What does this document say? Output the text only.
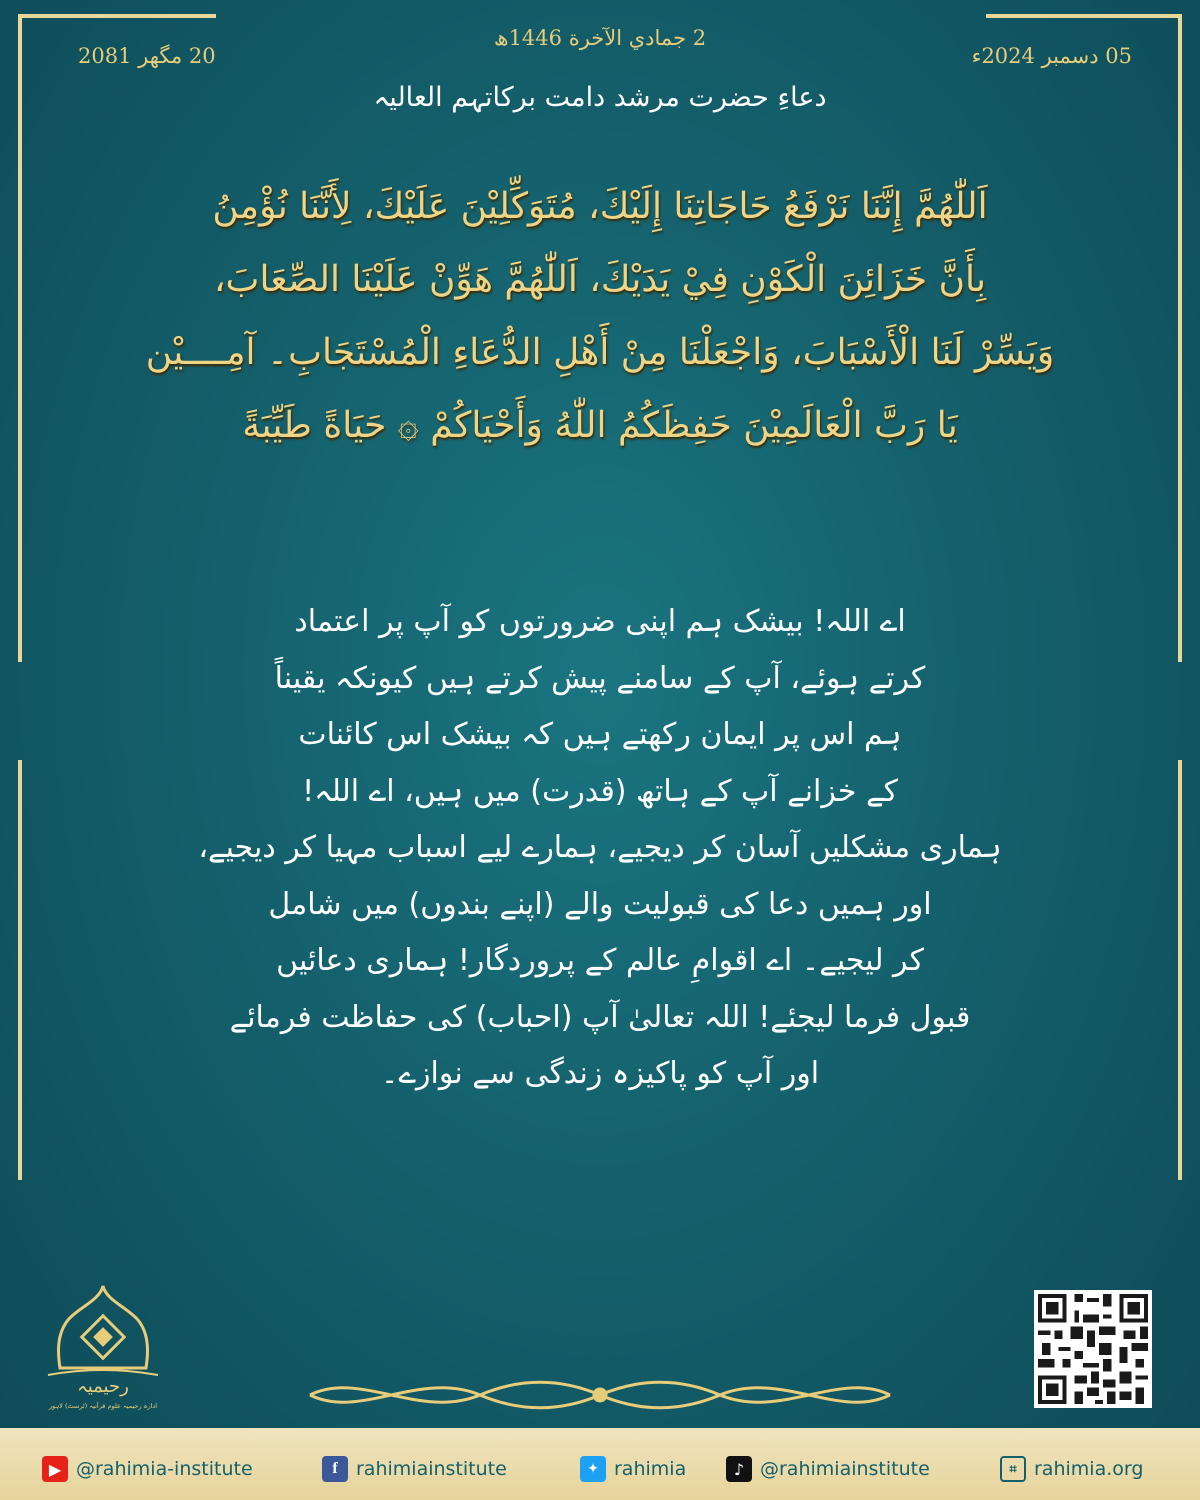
2 جمادي الآخرة 1446ھ
05 دسمبر 2024ء
20 مگھر 2081
دعاءِ حضرت مرشد دامت برکاتہم العالیہ
اَللّٰهُمَّ إِنَّنَا نَرْفَعُ حَاجَاتِنَا إِلَيْكَ، مُتَوَكِّلِيْنَ عَلَيْكَ، لِأَنَّنَا نُؤْمِنُ
بِأَنَّ خَزَائِنَ الْكَوْنِ فِيْ يَدَيْكَ، اَللّٰهُمَّ هَوِّنْ عَلَيْنَا الصِّعَابَ،
وَيَسِّرْ لَنَا الْأَسْبَابَ، وَاجْعَلْنَا مِنْ أَهْلِ الدُّعَاءِ الْمُسْتَجَابِ۔ آمِــــيْن
يَا رَبَّ الْعَالَمِيْنَ حَفِظَكُمُ اللّٰهُ وَأَحْيَاكُمْ ۞ حَيَاةً طَيِّبَةً
اے اللہ! بیشک ہم اپنی ضرورتوں کو آپ پر اعتماد
کرتے ہوئے، آپ کے سامنے پیش کرتے ہیں کیونکہ یقیناً
ہم اس پر ایمان رکھتے ہیں کہ بیشک اس کائنات
کے خزانے آپ کے ہاتھ (قدرت) میں ہیں، اے اللہ!
ہماری مشکلیں آسان کر دیجیے، ہمارے لیے اسباب مہیا کر دیجیے،
اور ہمیں دعا کی قبولیت والے (اپنے بندوں) میں شامل
کر لیجیے۔ اے اقوامِ عالم کے پروردگار! ہماری دعائیں
قبول فرما لیجئے! اللہ تعالیٰ آپ (احباب) کی حفاظت فرمائے
اور آپ کو پاکیزہ زندگی سے نوازے۔
رحیمیہ
ادارہ رحیمیہ علوم قرآنیہ (ٹرسٹ) لاہور
▶ @rahimia-institute	f rahimiainstitute	✦ rahimia	♪ @rahimiainstitute	⌗ rahimia.org
